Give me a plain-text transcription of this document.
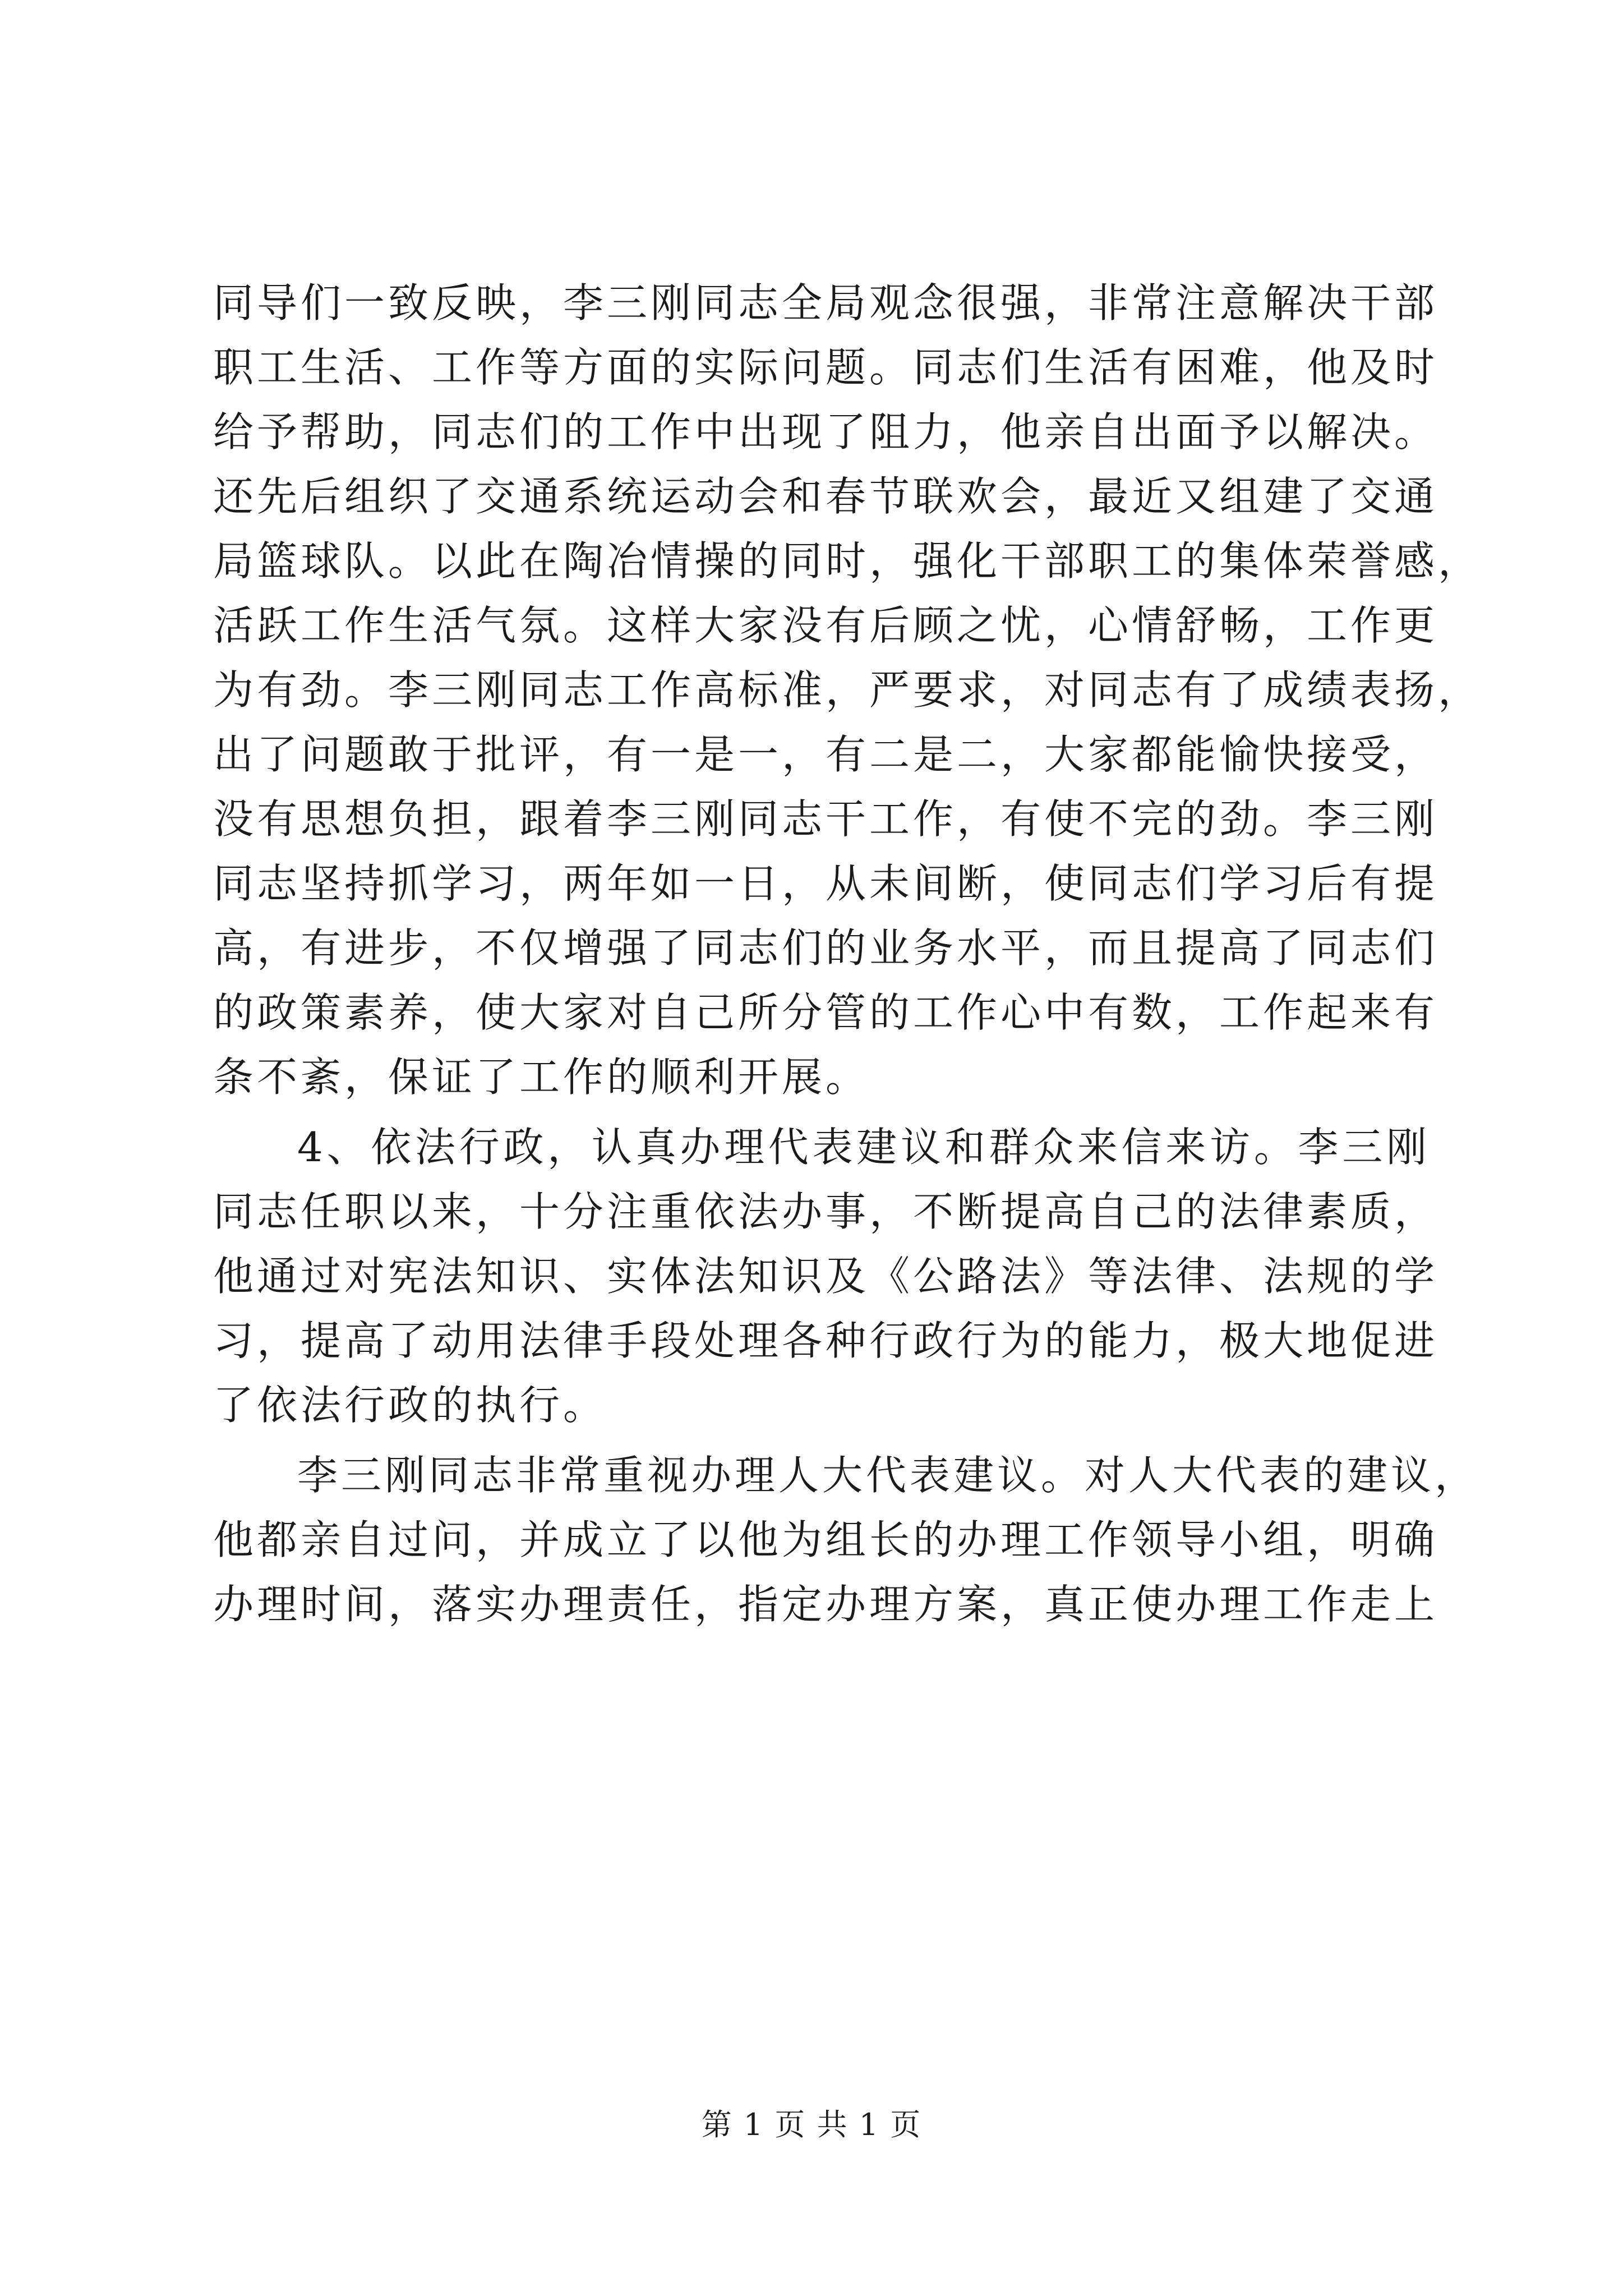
同导们一致反映，李三刚同志全局观念很强，非常注意解决干部
职工生活、工作等方面的实际问题。同志们生活有困难，他及时
给予帮助，同志们的工作中出现了阻力，他亲自出面予以解决。
还先后组织了交通系统运动会和春节联欢会，最近又组建了交通
局篮球队。以此在陶冶情操的同时，强化干部职工的集体荣誉感，
活跃工作生活气氛。这样大家没有后顾之忧，心情舒畅，工作更
为有劲。李三刚同志工作高标准，严要求，对同志有了成绩表扬，
出了问题敢于批评，有一是一，有二是二，大家都能愉快接受，
没有思想负担，跟着李三刚同志干工作，有使不完的劲。李三刚
同志坚持抓学习，两年如一日，从未间断，使同志们学习后有提
高，有进步，不仅增强了同志们的业务水平，而且提高了同志们
的政策素养，使大家对自己所分管的工作心中有数，工作起来有
条不紊，保证了工作的顺利开展。
4、依法行政，认真办理代表建议和群众来信来访。李三刚
同志任职以来，十分注重依法办事，不断提高自己的法律素质，
他通过对宪法知识、实体法知识及《公路法》等法律、法规的学
习，提高了动用法律手段处理各种行政行为的能力，极大地促进
了依法行政的执行。
李三刚同志非常重视办理人大代表建议。对人大代表的建议，
他都亲自过问，并成立了以他为组长的办理工作领导小组，明确
办理时间，落实办理责任，指定办理方案，真正使办理工作走上
第 1 页 共 1 页
